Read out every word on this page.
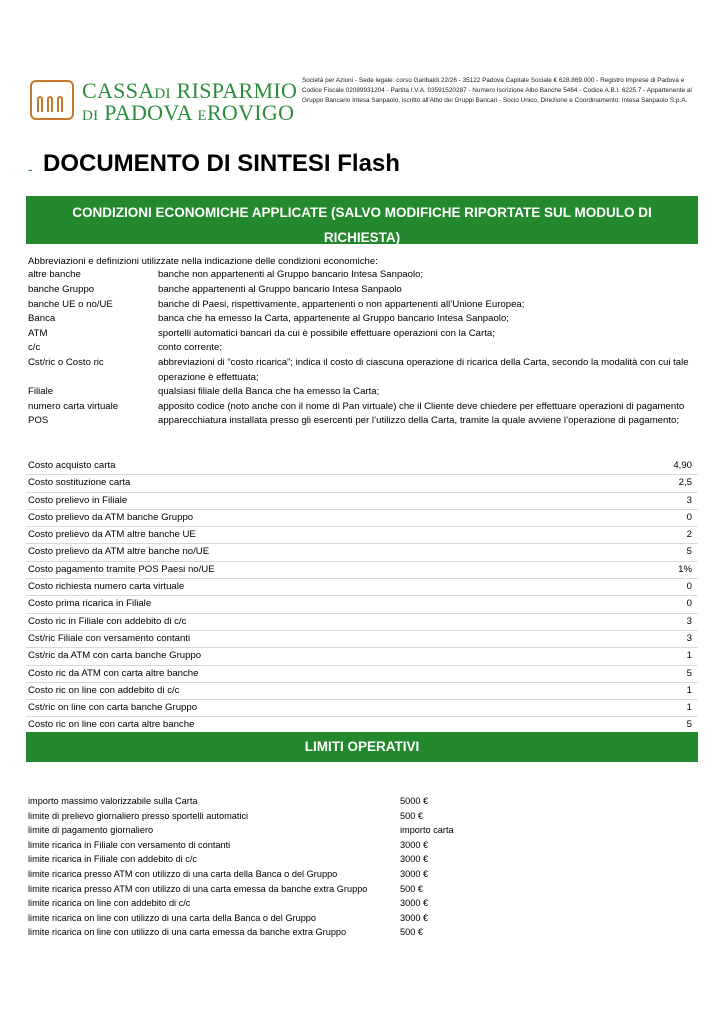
CASSADI RISPARMIO
DI PADOVA EROVIGO
Società per Azioni - Sede legale: corso Garibaldi 22/26 - 35122 Padova Capitale Sociale € 628.869.000 - Registro Imprese di Padova e Codice Fiscale 02089931204 - Partita I.V.A. 03591520287 - Numero Iscrizione Albo Banche 5464 - Codice A.B.I. 6225.7 - Appartenente al Gruppo Bancario Intesa Sanpaolo, iscritto all'Albo dei Gruppi Bancari - Socio Unico, Direzione e Coordinamento: Intesa Sanpaolo S.p.A.
- DOCUMENTO DI SINTESI Flash
CONDIZIONI ECONOMICHE APPLICATE (SALVO MODIFICHE RIPORTATE SUL MODULO DI
RICHIESTA)
Abbreviazioni e definizioni utilizzate nella indicazione delle condizioni economiche:
altre banche	banche non appartenenti al Gruppo bancario Intesa Sanpaolo;
banche Gruppo	banche appartenenti al Gruppo bancario Intesa Sanpaolo
banche UE o no/UE	banche di Paesi, rispettivamente, appartenenti o non appartenenti all’Unione Europea;
Banca	banca che ha emesso la Carta, appartenente al Gruppo bancario Intesa Sanpaolo;
ATM	sportelli automatici bancari da cui è possibile effettuare operazioni con la Carta;
c/c	conto corrente;
Cst/ric o Costo ric	abbreviazioni di “costo ricarica”; indica il costo di ciascuna operazione di ricarica della Carta, secondo la modalità con cui tale operazione è effettuata;
Filiale	qualsiasi filiale della Banca che ha emesso la Carta;
numero carta virtuale	apposito codice (noto anche con il nome di Pan virtuale) che il Cliente deve chiedere per effettuare operazioni di pagamento
POS	apparecchiatura installata presso gli esercenti per l’utilizzo della Carta, tramite la quale avviene l’operazione di pagamento;
Costo acquisto carta	4,90
Costo sostituzione carta	2,5
Costo prelievo in Filiale	3
Costo prelievo da ATM banche Gruppo	0
Costo prelievo da ATM altre banche UE	2
Costo prelievo da ATM altre banche no/UE	5
Costo pagamento tramite POS Paesi no/UE	1%
Costo richiesta numero carta virtuale	0
Costo prima ricarica in Filiale	0
Costo ric in Filiale con addebito di c/c	3
Cst/ric Filiale con versamento contanti	3
Cst/ric da ATM con carta banche Gruppo	1
Costo ric da ATM con carta altre banche	5
Costo ric on line con addebito di c/c	1
Cst/ric on line con carta banche Gruppo	1
Costo ric on line con carta altre banche	5
LIMITI OPERATIVI
importo massimo valorizzabile sulla Carta	5000 €
limite di prelievo giornaliero presso sportelli automatici	500 €
limite di pagamento giornaliero	importo carta
limite ricarica in Filiale con versamento di contanti	3000 €
limite ricarica in Filiale con addebito di c/c	3000 €
limite ricarica presso ATM con utilizzo di una carta della Banca o del Gruppo	3000 €
limite ricarica presso ATM con utilizzo di una carta emessa da banche extra Gruppo	500 €
limite ricarica on line con addebito di c/c	3000 €
limite ricarica on line con utilizzo di una carta della Banca o del Gruppo	3000 €
limite ricarica on line con utilizzo di una carta emessa da banche extra Gruppo	500 €
